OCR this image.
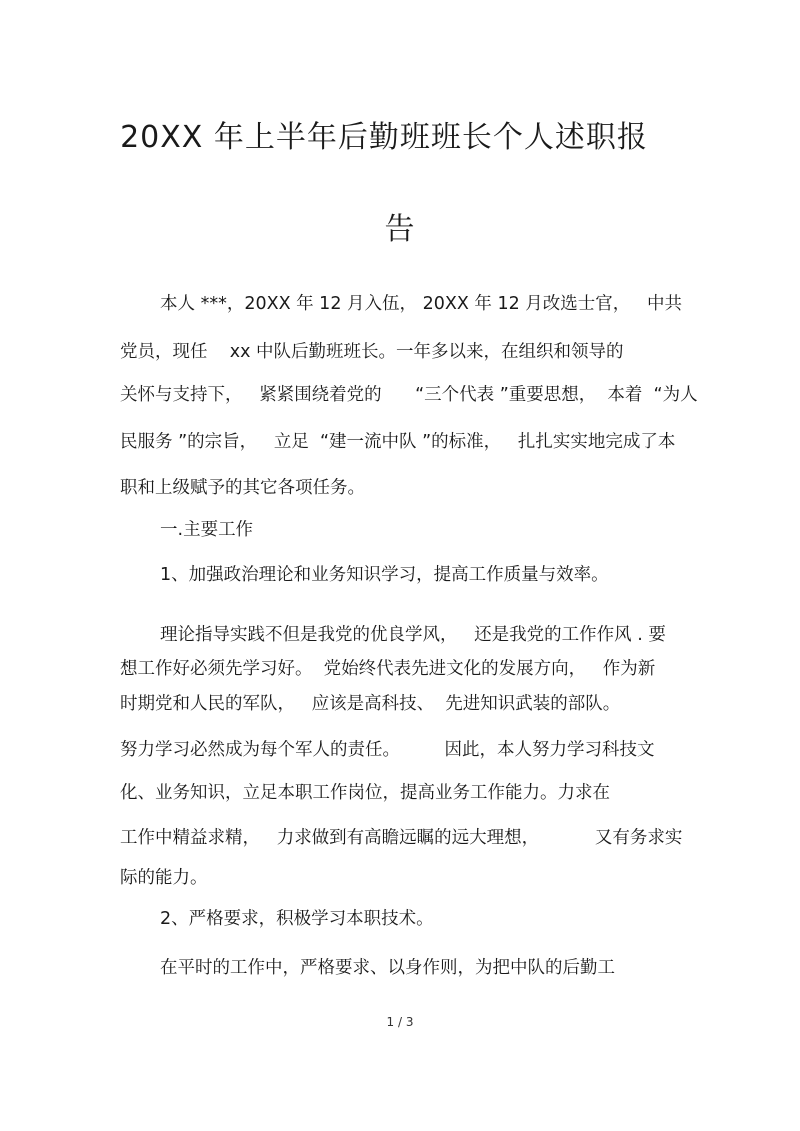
20XX 年上半年后勤班班长个人述职报
告
本人 ***，20XX 年 12 月入伍， 20XX 年 12 月改选士官，   中共
党员，现任    xx 中队后勤班班长。一年多以来，在组织和领导的
关怀与支持下，   紧紧围绕着党的      “三个代表 ”重要思想，  本着  “为人
民服务 ”的宗旨，   立足  “建一流中队 ”的标准，   扎扎实实地完成了本
职和上级赋予的其它各项任务。
一.主要工作
1、加强政治理论和业务知识学习，提高工作质量与效率。
理论指导实践不但是我党的优良学风，   还是我党的工作作风 . 要
想工作好必须先学习好。  党始终代表先进文化的发展方向，   作为新
时期党和人民的军队，   应该是高科技、  先进知识武装的部队。
努力学习必然成为每个军人的责任。        因此，本人努力学习科技文
化、业务知识，立足本职工作岗位，提高业务工作能力。力求在
工作中精益求精，   力求做到有高瞻远瞩的远大理想，          又有务求实
际的能力。
2、严格要求，积极学习本职技术。
在平时的工作中，严格要求、以身作则，为把中队的后勤工
1 / 3
